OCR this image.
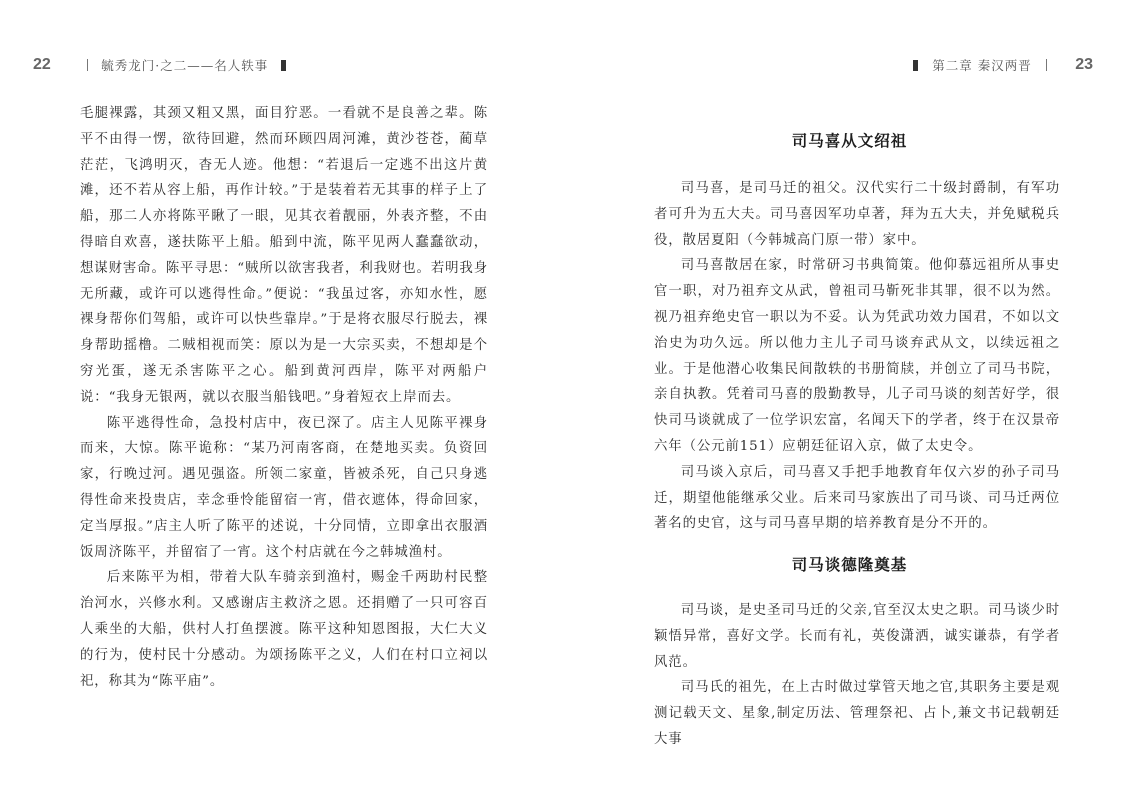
22	毓秀龙门·之二——名人轶事

毛腿裸露，其颈又粗又黑，面目狞恶。一看就不是良善之辈。陈平不由得一愣，欲待回避，然而环顾四周河滩，黄沙苍苍，蔺草茫茫，飞鸿明灭，杳无人迹。他想：“若退后一定逃不出这片黄滩，还不若从容上船，再作计较。”于是装着若无其事的样子上了船，那二人亦将陈平瞅了一眼，见其衣着靓丽，外表齐整，不由得暗自欢喜，遂扶陈平上船。船到中流，陈平见两人蠢蠢欲动，想谋财害命。陈平寻思：“贼所以欲害我者，利我财也。若明我身无所藏，或许可以逃得性命。”便说：“我虽过客，亦知水性，愿裸身帮你们驾船，或许可以快些靠岸。”于是将衣服尽行脱去，裸身帮助摇橹。二贼相视而笑：原以为是一大宗买卖，不想却是个穷光蛋，遂无杀害陈平之心。船到黄河西岸，陈平对两船户说：“我身无银两，就以衣服当船钱吧。”身着短衣上岸而去。

陈平逃得性命，急投村店中，夜已深了。店主人见陈平裸身而来，大惊。陈平诡称：“某乃河南客商，在楚地买卖。负资回家，行晚过河。遇见强盗。所领二家童，皆被杀死，自己只身逃得性命来投贵店，幸念垂怜能留宿一宵，借衣遮体，得命回家，定当厚报。”店主人听了陈平的述说，十分同情，立即拿出衣服酒饭周济陈平，并留宿了一宵。这个村店就在今之韩城渔村。

后来陈平为相，带着大队车骑亲到渔村，赐金千两助村民整治河水，兴修水利。又感谢店主救济之恩。还捐赠了一只可容百人乘坐的大船，供村人打鱼摆渡。陈平这种知恩图报，大仁大义的行为，使村民十分感动。为颂扬陈平之义，人们在村口立祠以祀，称其为“陈平庙”。

第二章 秦汉两晋	23
司马喜从文绍祖

司马喜，是司马迁的祖父。汉代实行二十级封爵制，有军功者可升为五大夫。司马喜因军功卓著，拜为五大夫，并免赋税兵役，散居夏阳（今韩城高门原一带）家中。

司马喜散居在家，时常研习书典简策。他仰慕远祖所从事史官一职，对乃祖弃文从武，曾祖司马靳死非其罪，很不以为然。视乃祖弃绝史官一职以为不妥。认为凭武功效力国君，不如以文治史为功久远。所以他力主儿子司马谈弃武从文，以续远祖之业。于是他潜心收集民间散轶的书册简牍，并创立了司马书院，亲自执教。凭着司马喜的殷勤教导，儿子司马谈的刻苦好学，很快司马谈就成了一位学识宏富，名闻天下的学者，终于在汉景帝六年（公元前151）应朝廷征诏入京，做了太史令。

司马谈入京后，司马喜又手把手地教育年仅六岁的孙子司马迁，期望他能继承父业。后来司马家族出了司马谈、司马迁两位著名的史官，这与司马喜早期的培养教育是分不开的。

司马谈德隆奠基

司马谈，是史圣司马迁的父亲,官至汉太史之职。司马谈少时颖悟异常，喜好文学。长而有礼，英俊潇洒，诚实谦恭，有学者风范。

司马氏的祖先，在上古时做过掌管天地之官,其职务主要是观测记载天文、星象,制定历法、管理祭祀、占卜,兼文书记载朝廷大事
